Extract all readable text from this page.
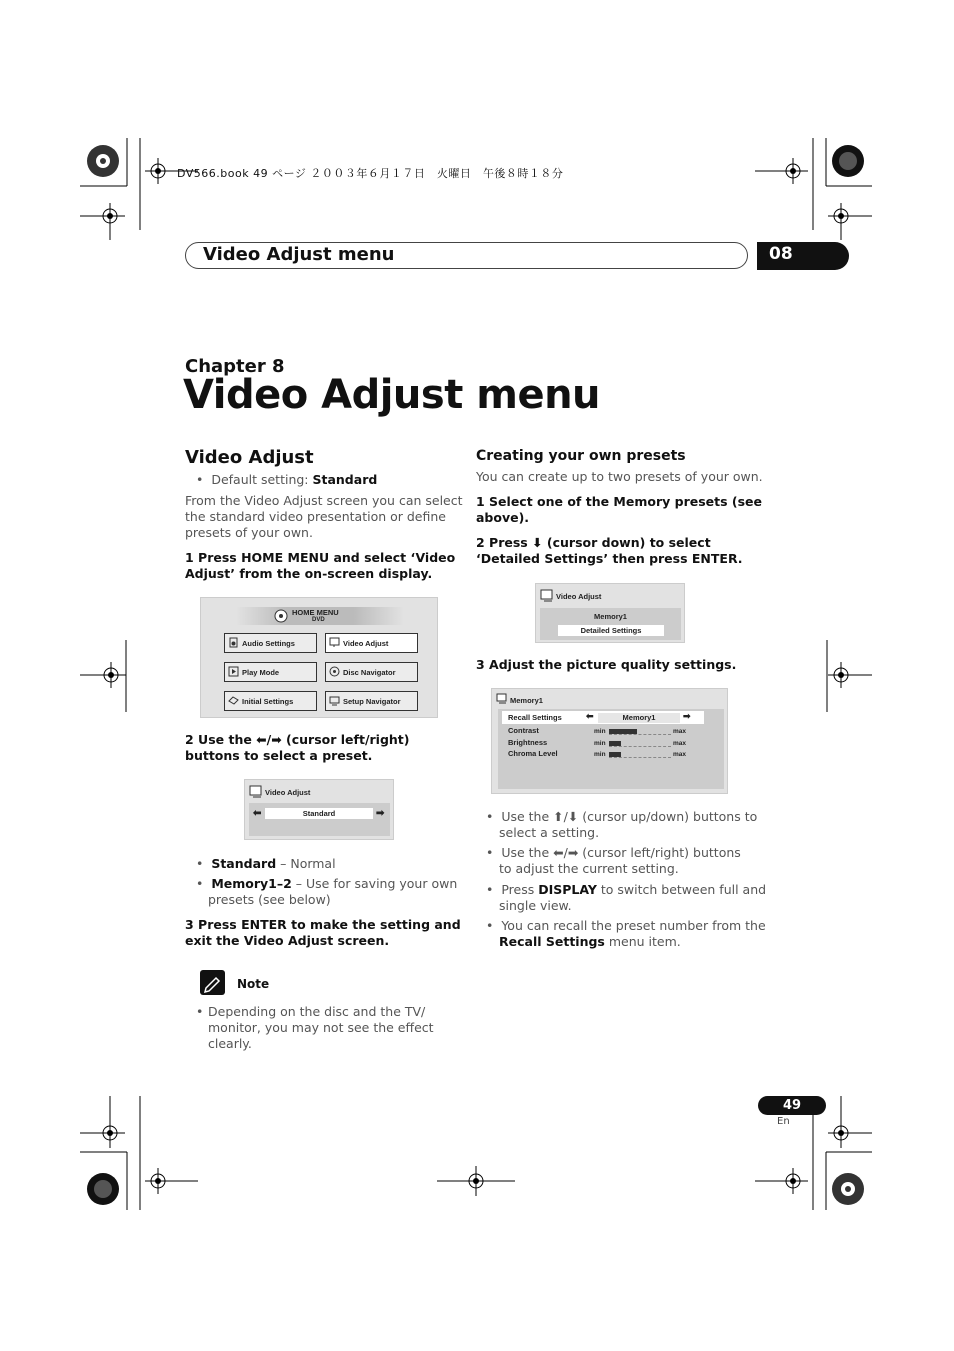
DV566.book 49 ページ ２００３年６月１７日　火曜日　午後８時１８分
Video Adjust menu	08
Chapter 8
Video Adjust menu
Video Adjust
•  Default setting: Standard
From the Video Adjust screen you can select
the standard video presentation or define
presets of your own.
1 Press HOME MENU and select ‘Video
Adjust’ from the on-screen display.
HOME MENU
DVD
Audio Settings	Video Adjust
Play Mode	Disc Navigator
Initial Settings	Setup Navigator
2 Use the ⬅/➡ (cursor left/right)
buttons to select a preset.
Video Adjust
⬅	Standard	➡
•  Standard – Normal
•  Memory1–2 – Use for saving your own
presets (see below)
3 Press ENTER to make the setting and
exit the Video Adjust screen.
Note
• Depending on the disc and the TV/
monitor, you may not see the effect
clearly.
Creating your own presets
You can create up to two presets of your own.
1 Select one of the Memory presets (see
above).
2 Press ⬇ (cursor down) to select
‘Detailed Settings’ then press ENTER.
Video Adjust
Memory1
Detailed Settings
3 Adjust the picture quality settings.
Memory1
Recall Settings	⬅	Memory1	➡
Contrast	min	max
Brightness	min	max
Chroma Level	min	max
•  Use the ⬆/⬇ (cursor up/down) buttons to
select a setting.
•  Use the ⬅/➡ (cursor left/right) buttons
to adjust the current setting.
•  Press DISPLAY to switch between full and
single view.
•  You can recall the preset number from the
Recall Settings menu item.
49
En
